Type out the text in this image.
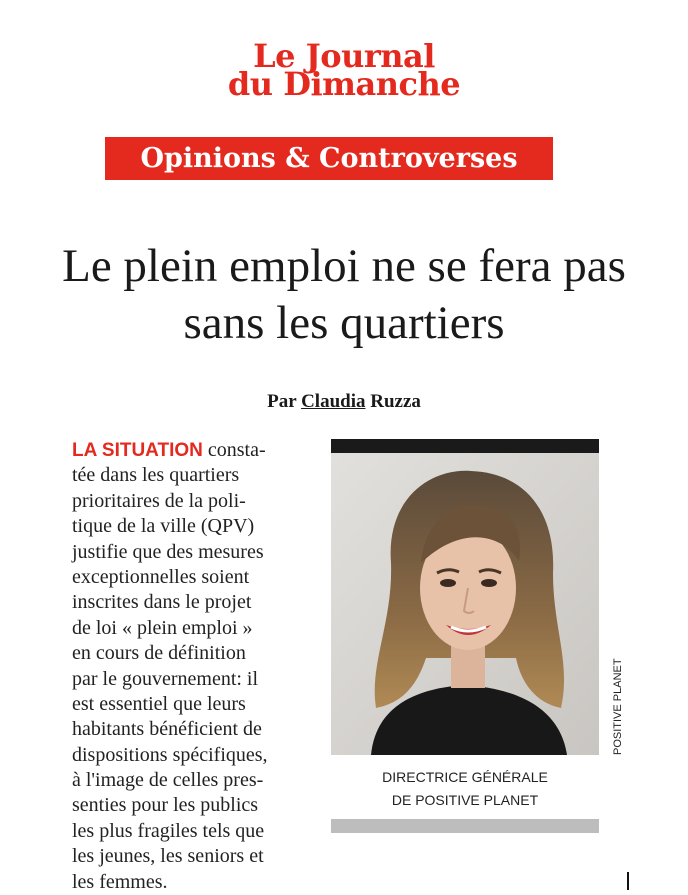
Le Journal
du Dimanche
Opinions & Controverses
Le plein emploi ne se fera pas
sans les quartiers
Par Claudia Ruzza
LA SITUATION consta-
tée dans les quartiers
prioritaires de la poli-
tique de la ville (QPV)
justifie que des mesures
exceptionnelles soient
inscrites dans le projet
de loi « plein emploi »
en cours de définition
par le gouvernement: il
est essentiel que leurs
habitants bénéficient de
dispositions spécifiques,
à l'image de celles pres-
senties pour les publics
les plus fragiles tels que
les jeunes, les seniors et
les femmes.
POSITIVE PLANET
DIRECTRICE GÉNÉRALE
DE POSITIVE PLANET
